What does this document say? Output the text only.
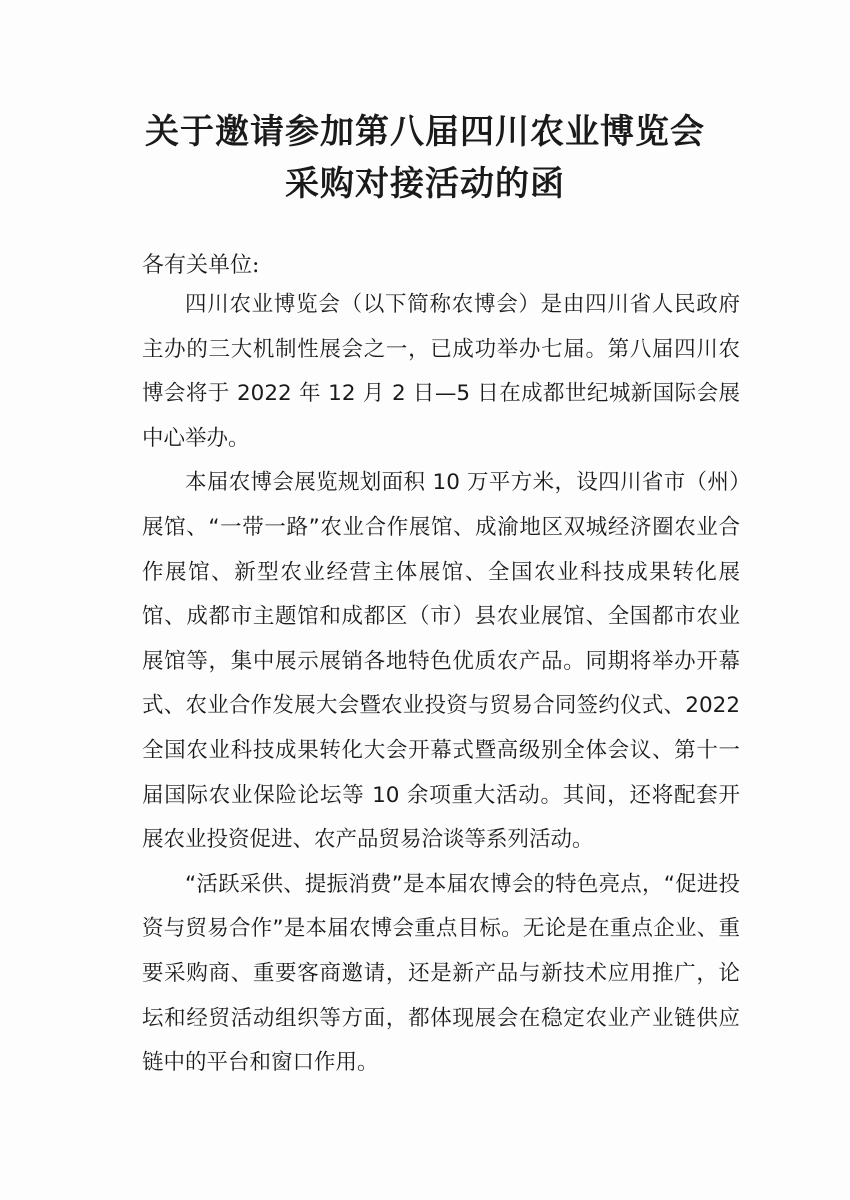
关于邀请参加第八届四川农业博览会
采购对接活动的函
各有关单位:

四川农业博览会（以下简称农博会）是由四川省人民政府主办的三大机制性展会之一，已成功举办七届。第八届四川农博会将于 2022 年 12 月 2 日—5 日在成都世纪城新国际会展中心举办。

本届农博会展览规划面积 10 万平方米，设四川省市（州）展馆、“一带一路”农业合作展馆、成渝地区双城经济圈农业合作展馆、新型农业经营主体展馆、全国农业科技成果转化展馆、成都市主题馆和成都区（市）县农业展馆、全国都市农业展馆等，集中展示展销各地特色优质农产品。同期将举办开幕式、农业合作发展大会暨农业投资与贸易合同签约仪式、2022 全国农业科技成果转化大会开幕式暨高级别全体会议、第十一届国际农业保险论坛等 10 余项重大活动。其间，还将配套开展农业投资促进、农产品贸易洽谈等系列活动。

“活跃采供、提振消费”是本届农博会的特色亮点，“促进投资与贸易合作”是本届农博会重点目标。无论是在重点企业、重要采购商、重要客商邀请，还是新产品与新技术应用推广，论坛和经贸活动组织等方面，都体现展会在稳定农业产业链供应链中的平台和窗口作用。
